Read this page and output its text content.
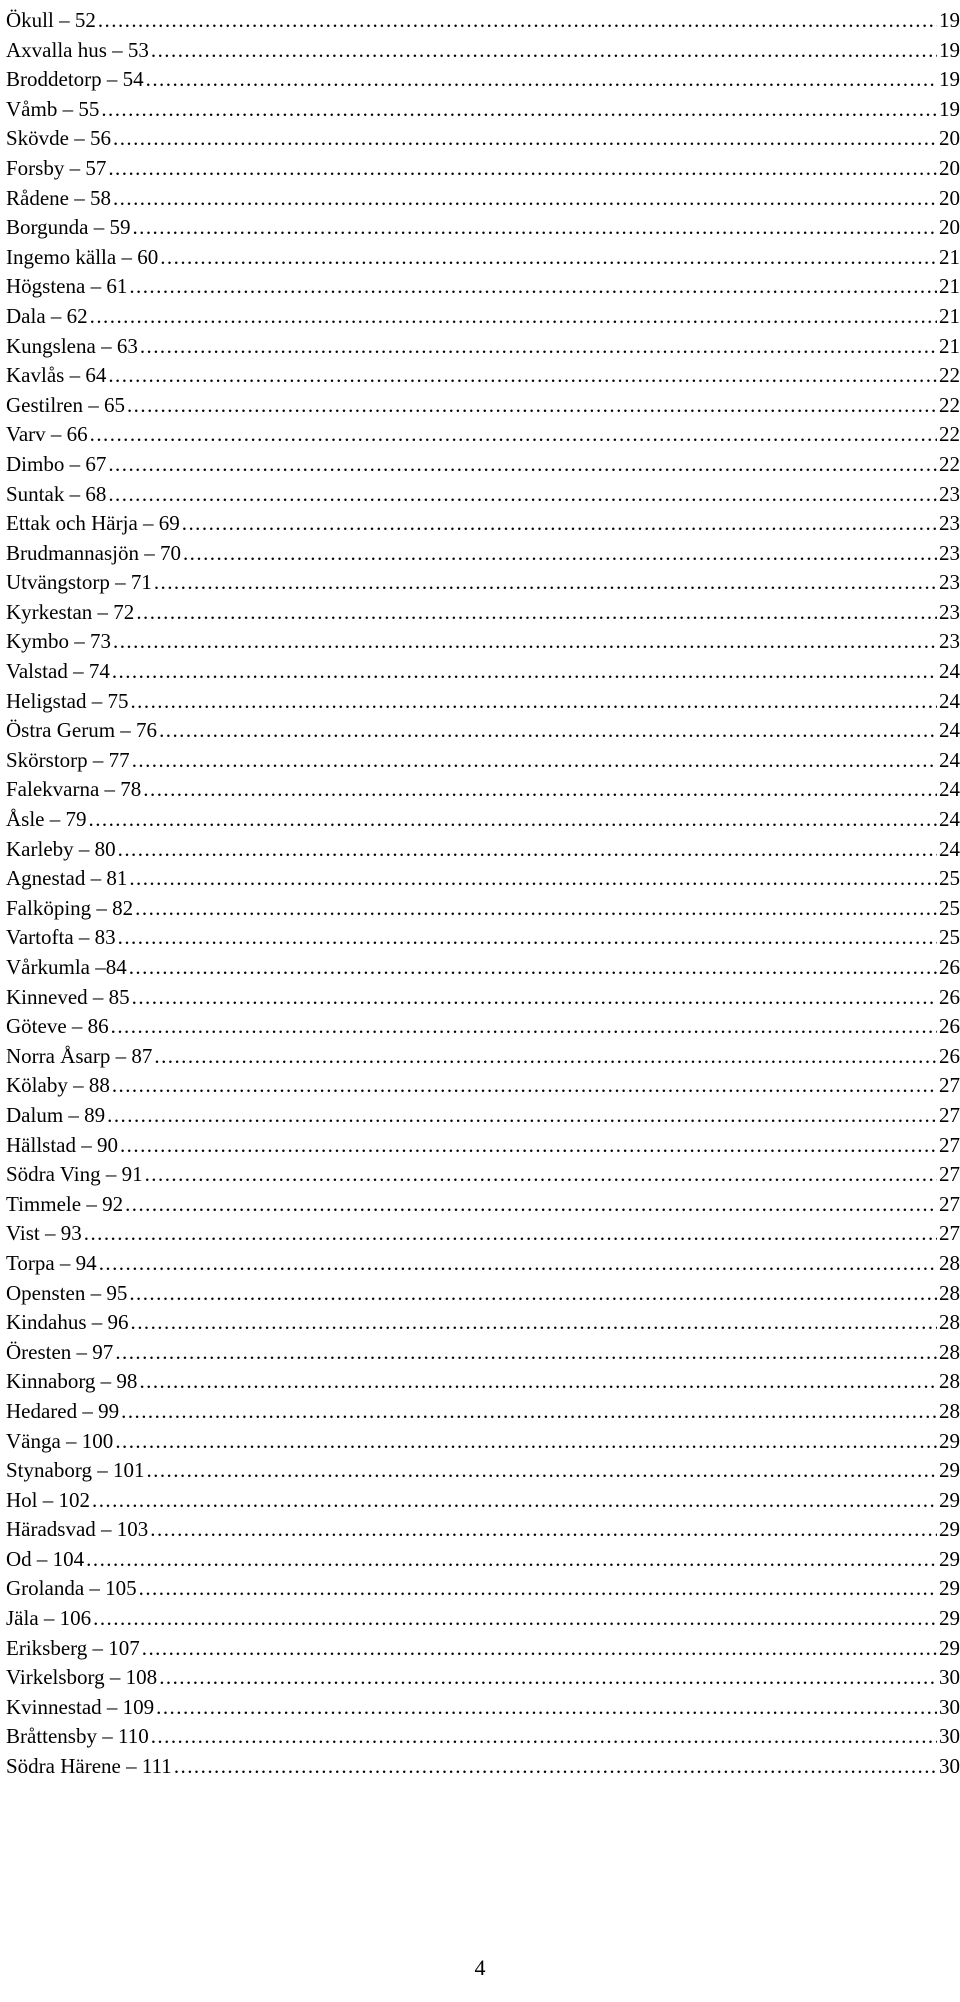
Ökull – 52 . . .	19
Axvalla hus – 53 . . .	19
Broddetorp – 54 . . .	19
Våmb – 55 . . .	19
Skövde – 56 . . .	20
Forsby – 57 . . .	20
Rådene – 58 . . .	20
Borgunda – 59 . . .	20
Ingemo källa – 60 . . .	21
Högstena – 61 . . .	21
Dala – 62 . . .	21
Kungslena – 63 . . .	21
Kavlås – 64 . . .	22
Gestilren – 65 . . .	22
Varv – 66 . . .	22
Dimbo – 67 . . .	22
Suntak – 68 . . .	23
Ettak och Härja – 69 . . .	23
Brudmannasjön – 70 . . .	23
Utvängstorp – 71 . . .	23
Kyrkestan – 72 . . .	23
Kymbo – 73 . . .	23
Valstad – 74 . . .	24
Heligstad – 75 . . .	24
Östra Gerum – 76 . . .	24
Skörstorp – 77 . . .	24
Falekvarna – 78 . . .	24
Åsle – 79 . . .	24
Karleby – 80 . . .	24
Agnestad – 81 . . .	25
Falköping – 82 . . .	25
Vartofta – 83 . . .	25
Vårkumla –84 . . .	26
Kinneved – 85 . . .	26
Göteve – 86 . . .	26
Norra Åsarp – 87 . . .	26
Kölaby – 88 . . .	27
Dalum – 89 . . .	27
Hällstad – 90 . . .	27
Södra Ving – 91 . . .	27
Timmele – 92 . . .	27
Vist – 93 . . .	27
Torpa – 94 . . .	28
Opensten – 95 . . .	28
Kindahus – 96 . . .	28
Öresten – 97 . . .	28
Kinnaborg – 98 . . .	28
Hedared – 99 . . .	28
Vänga – 100 . . .	29
Stynaborg – 101 . . .	29
Hol – 102 . . .	29
Häradsvad – 103 . . .	29
Od – 104 . . .	29
Grolanda – 105 . . .	29
Jäla – 106 . . .	29
Eriksberg – 107 . . .	29
Virkelsborg – 108 . . .	30
Kvinnestad – 109 . . .	30
Bråttensby – 110 . . .	30
Södra Härene – 111 . . .	30
4
